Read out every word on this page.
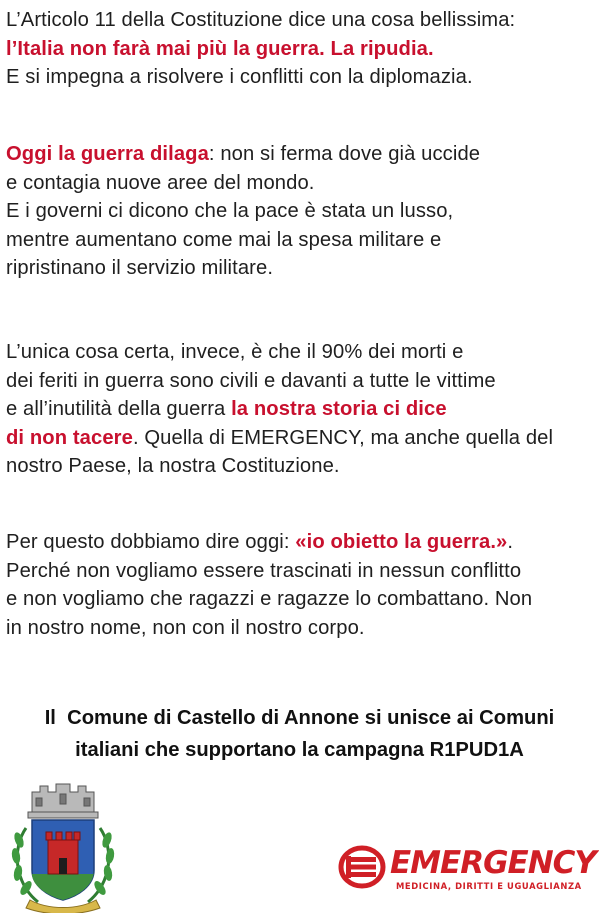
L’Articolo 11 della Costituzione dice una cosa bellissima:
l’Italia non farà mai più la guerra. La ripudia.
E si impegna a risolvere i conflitti con la diplomazia.
Oggi la guerra dilaga: non si ferma dove già uccide
e contagia nuove aree del mondo.
E i governi ci dicono che la pace è stata un lusso,
mentre aumentano come mai la spesa militare e
ripristinano il servizio militare.
L’unica cosa certa, invece, è che il 90% dei morti e
dei feriti in guerra sono civili e davanti a tutte le vittime
e all’inutilità della guerra la nostra storia ci dice
di non tacere. Quella di EMERGENCY, ma anche quella del
nostro Paese, la nostra Costituzione.
Per questo dobbiamo dire oggi: «io obietto la guerra.».
Perché non vogliamo essere trascinati in nessun conflitto
e non vogliamo che ragazzi e ragazze lo combattano. Non
in nostro nome, non con il nostro corpo.
Il  Comune di Castello di Annone si unisce ai Comuni
italiani che supportano la campagna R1PUD1A
EMERGENCY
MEDICINA, DIRITTI E UGUAGLIANZA
